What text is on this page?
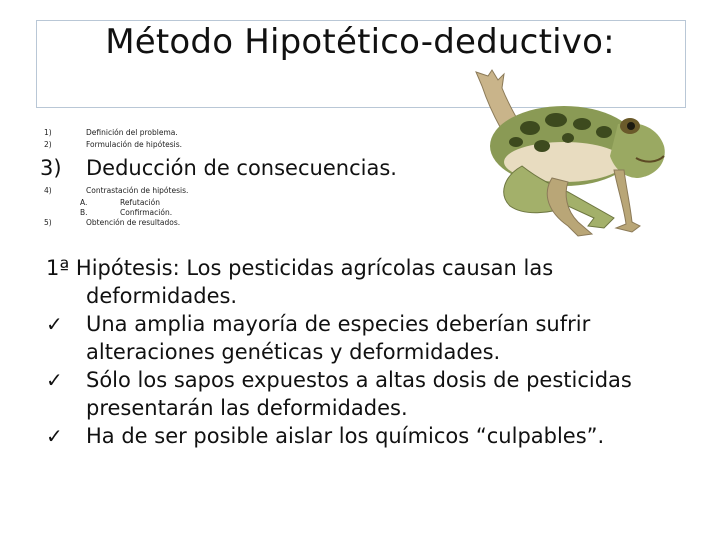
Método Hipotético-deductivo:
1)	Definición del problema.
2)	Formulación de hipótesis.
3) Deducción de consecuencias.
4)	Contrastación de hipótesis.
A.	Refutación
B.	Confirmación.
5)	Obtención de resultados.

1ª Hipótesis: Los pesticidas agrícolas causan las deformidades.

✓ Una amplia mayoría de especies deberían sufrir alteraciones genéticas y deformidades.
✓ Sólo los sapos expuestos a altas dosis de pesticidas presentarán las deformidades.
✓ Ha de ser posible aislar los químicos “culpables”.
